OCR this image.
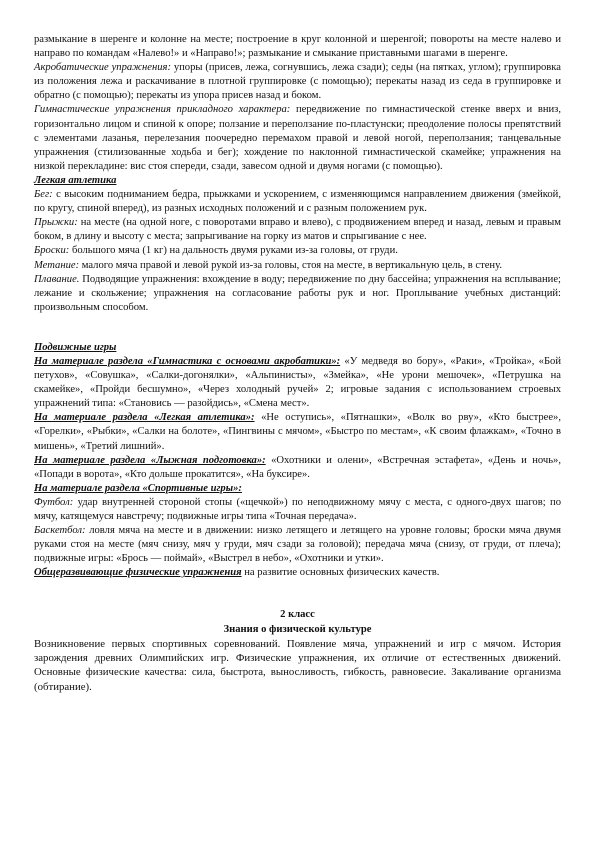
размыкание в шеренге и колонне на месте; построение в круг колонной и шеренгой; повороты на месте налево и направо по командам «Налево!» и «Направо!»; размыкание и смыкание приставными шагами в шеренге.

Акробатические упражнения: упоры (присев, лежа, согнувшись, лежа сзади); седы (на пятках, углом); группировка из положения лежа и раскачивание в плотной группировке (с помощью); перекаты назад из седа в группировке и обратно (с помощью); перекаты из упора присев назад и боком.

Гимнастические упражнения прикладного характера: передвижение по гимнастической стенке вверх и вниз, горизонтально лицом и спиной к опоре; ползание и переползание по-пластунски; преодоление полосы препятствий с элементами лазанья, перелезания поочередно перемахом правой и левой ногой, переползания; танцевальные упражнения (стилизованные ходьба и бег); хождение по наклонной гимнастической скамейке; упражнения на низкой перекладине: вис стоя спереди, сзади, завесом одной и двумя ногами (с помощью).

Легкая атлетика

Бег: с высоким подниманием бедра, прыжками и ускорением, с изменяющимся направлением движения (змейкой, по кругу, спиной вперед), из разных исходных положений и с разным положением рук.

Прыжки: на месте (на одной ноге, с поворотами вправо и влево), с продвижением вперед и назад, левым и правым боком, в длину и высоту с места; запрыгивание на горку из матов и спрыгивание с нее.

Броски: большого мяча (1 кг) на дальность двумя руками из-за головы, от груди.

Метание: малого мяча правой и левой рукой из-за головы, стоя на месте, в вертикальную цель, в стену.

Плавание. Подводящие упражнения: вхождение в воду; передвижение по дну бассейна; упражнения на всплывание; лежание и скольжение; упражнения на согласование работы рук и ног. Проплывание учебных дистанций: произвольным способом.

Подвижные игры

На материале раздела «Гимнастика с основами акробатики»: «У медведя во бору», «Раки», «Тройка», «Бой петухов», «Совушка», «Салки-догонялки», «Альпинисты», «Змейка», «Не урони мешочек», «Петрушка на скамейке», «Пройди бесшумно», «Через холодный ручей» 2; игровые задания с использованием строевых упражнений типа: «Становись — разойдись», «Смена мест».

На материале раздела «Легкая атлетика»: «Не оступись», «Пятнашки», «Волк во рву», «Кто быстрее», «Горелки», «Рыбки», «Салки на болоте», «Пингвины с мячом», «Быстро по местам», «К своим флажкам», «Точно в мишень», «Третий лишний».

На материале раздела «Лыжная подготовка»: «Охотники и олени», «Встречная эстафета», «День и ночь», «Попади в ворота», «Кто дольше прокатится», «На буксире».

На материале раздела «Спортивные игры»:

Футбол: удар внутренней стороной стопы («щечкой») по неподвижному мячу с места, с одного-двух шагов; по мячу, катящемуся навстречу; подвижные игры типа «Точная передача».

Баскетбол: ловля мяча на месте и в движении: низко летящего и летящего на уровне головы; броски мяча двумя руками стоя на месте (мяч снизу, мяч у груди, мяч сзади за головой); передача мяча (снизу, от груди, от плеча); подвижные игры: «Брось — поймай», «Выстрел в небо», «Охотники и утки».

Общеразвивающие физические упражнения на развитие основных физических качеств.

2 класс

Знания о физической культуре

Возникновение первых спортивных соревнований. Появление мяча, упражнений и игр с мячом. История зарождения древних Олимпийских игр. Физические упражнения, их отличие от естественных движений. Основные физические качества: сила, быстрота, выносливость, гибкость, равновесие. Закаливание организма (обтирание).
